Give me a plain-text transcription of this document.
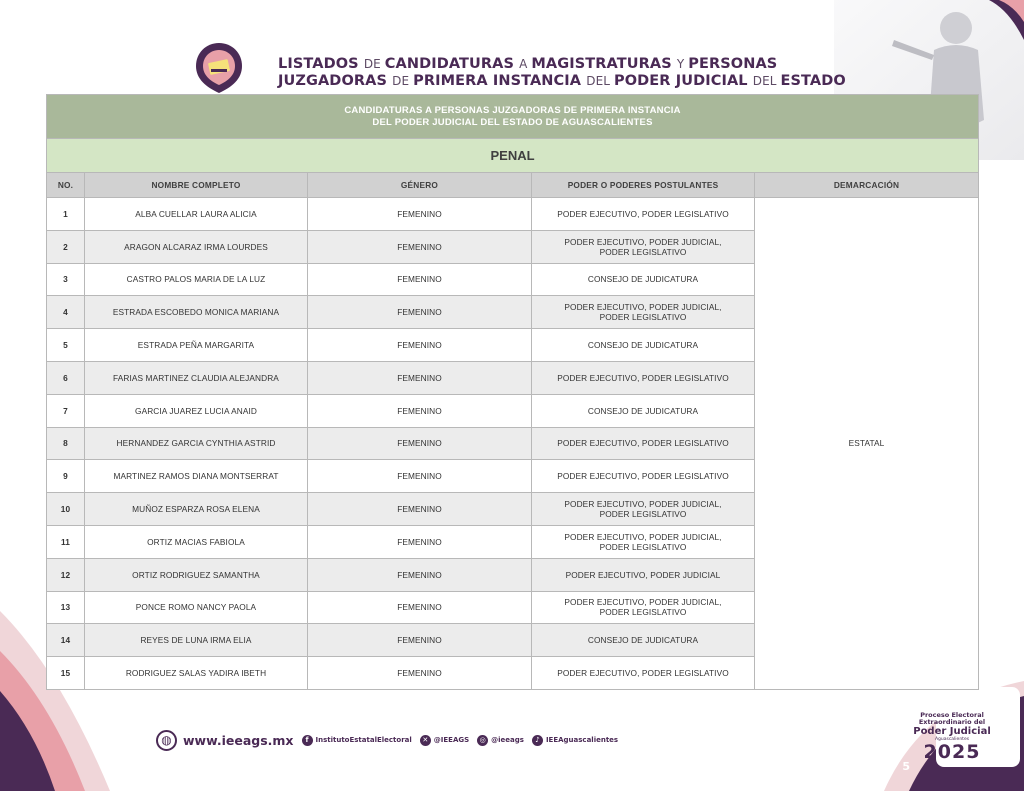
LISTADOS DE CANDIDATURAS A MAGISTRATURAS Y PERSONAS
JUZGADORAS DE PRIMERA INSTANCIA DEL PODER JUDICIAL DEL ESTADO
CANDIDATURAS A PERSONAS JUZGADORAS DE PRIMERA INSTANCIA
DEL PODER JUDICIAL DEL ESTADO DE AGUASCALIENTES				

PENAL				
NO.	NOMBRE COMPLETO	GÉNERO	PODER O PODERES POSTULANTES	DEMARCACIÓN
1	ALBA CUELLAR LAURA ALICIA	FEMENINO	PODER EJECUTIVO, PODER LEGISLATIVO	ESTATAL
2	ARAGON ALCARAZ IRMA LOURDES	FEMENINO	PODER EJECUTIVO, PODER JUDICIAL,
PODER LEGISLATIVO	
3	CASTRO PALOS MARIA DE LA LUZ	FEMENINO	CONSEJO DE JUDICATURA	
4	ESTRADA ESCOBEDO MONICA MARIANA	FEMENINO	PODER EJECUTIVO, PODER JUDICIAL,
PODER LEGISLATIVO	
5	ESTRADA PEÑA MARGARITA	FEMENINO	CONSEJO DE JUDICATURA	
6	FARIAS MARTINEZ CLAUDIA ALEJANDRA	FEMENINO	PODER EJECUTIVO, PODER LEGISLATIVO	
7	GARCIA JUAREZ LUCIA ANAID	FEMENINO	CONSEJO DE JUDICATURA	
8	HERNANDEZ GARCIA CYNTHIA ASTRID	FEMENINO	PODER EJECUTIVO, PODER LEGISLATIVO	
9	MARTINEZ RAMOS DIANA MONTSERRAT	FEMENINO	PODER EJECUTIVO, PODER LEGISLATIVO	
10	MUÑOZ ESPARZA ROSA ELENA	FEMENINO	PODER EJECUTIVO, PODER JUDICIAL,
PODER LEGISLATIVO	
11	ORTIZ MACIAS FABIOLA	FEMENINO	PODER EJECUTIVO, PODER JUDICIAL,
PODER LEGISLATIVO	
12	ORTIZ RODRIGUEZ SAMANTHA	FEMENINO	PODER EJECUTIVO, PODER JUDICIAL	
13	PONCE ROMO NANCY PAOLA	FEMENINO	PODER EJECUTIVO, PODER JUDICIAL,
PODER LEGISLATIVO	
14	REYES DE LUNA IRMA ELIA	FEMENINO	CONSEJO DE JUDICATURA	
15	RODRIGUEZ SALAS YADIRA IBETH	FEMENINO	PODER EJECUTIVO, PODER LEGISLATIVO	
◍ www.ieeags.mx	f InstitutoEstatalElectoral	✕ @IEEAGS	◎ @ieeags	♪ IEEAguascalientes
Proceso Electoral
Extraordinario del
Poder Judicial
Aguascalientes
2025
5
